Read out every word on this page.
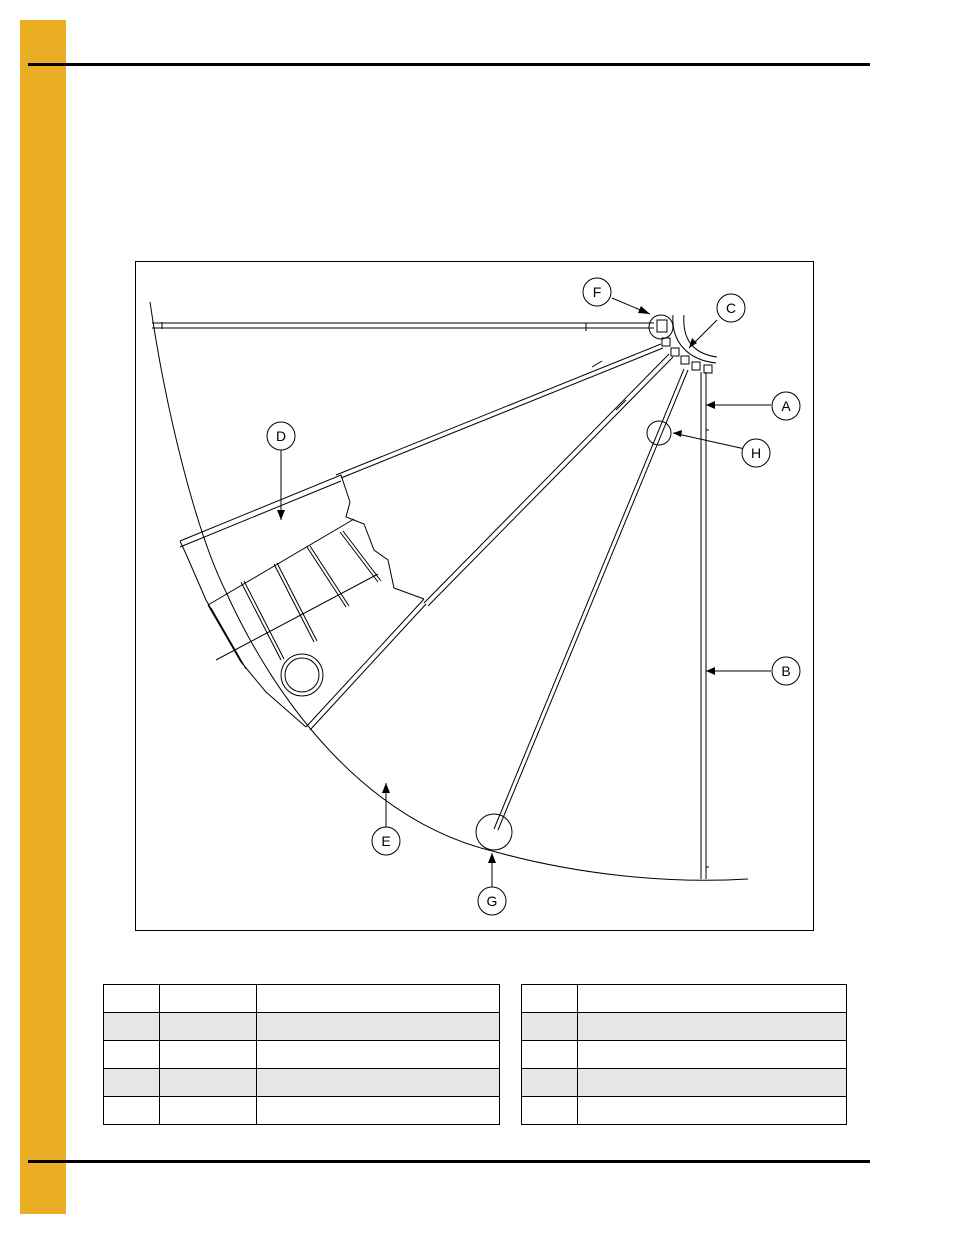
F
C
A
H
D
B
E
G
